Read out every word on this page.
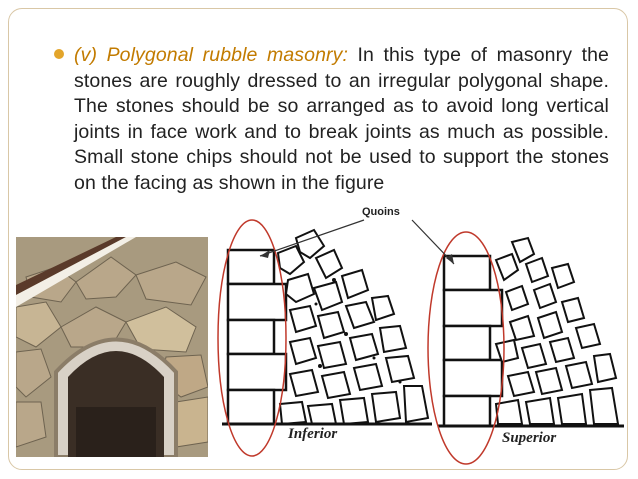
(v) Polygonal rubble masonry: In this type of masonry the stones are roughly dressed to an irregular polygonal shape. The stones should be so arranged as to avoid long vertical joints in face work and to break joints as much as possible. Small stone chips should not be used to support the stones on the facing as shown in the figure
Quoins
Inferior	Superior
